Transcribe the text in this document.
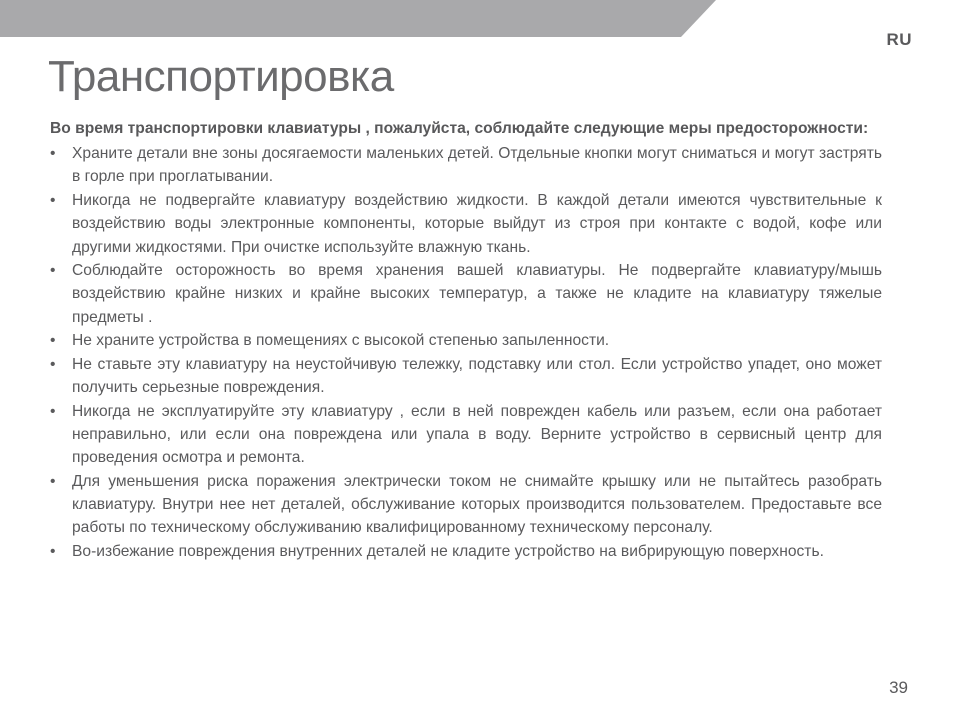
RU
Транспортировка

Во время транспортировки клавиатуры , пожалуйста, соблюдайте следующие меры предосторожности:

• Храните детали вне зоны досягаемости маленьких детей. Отдельные кнопки могут сниматься и могут застрять в горле при проглатывании.
• Никогда не подвергайте клавиатуру воздействию жидкости. В каждой детали имеются чувствительные к воздействию воды электронные компоненты, которые выйдут из строя при контакте с водой, кофе или другими жидкостями. При очистке используйте влажную ткань.
• Соблюдайте осторожность во время хранения вашей клавиатуры. Не подвергайте клавиатуру/мышь воздействию крайне низких и крайне высоких температур, а также не кладите на клавиатуру тяжелые предметы .
• Не храните устройства в помещениях с высокой степенью запыленности.
• Не ставьте эту клавиатуру на неустойчивую тележку, подставку или стол. Если устройство упадет, оно может получить серьезные повреждения.
• Никогда не эксплуатируйте эту клавиатуру , если в ней поврежден кабель или разъем, если она работает неправильно, или если она повреждена или упала в воду. Верните устройство в сервисный центр для проведения осмотра и ремонта.
• Для уменьшения риска поражения электрически током не снимайте крышку или не пытайтесь разобрать клавиатуру. Внутри нее нет деталей, обслуживание которых производится пользователем. Предоставьте все работы по техническому обслуживанию квалифицированному техническому персоналу.
• Во-избежание повреждения внутренних деталей не кладите устройство на вибрирующую поверхность.
39
